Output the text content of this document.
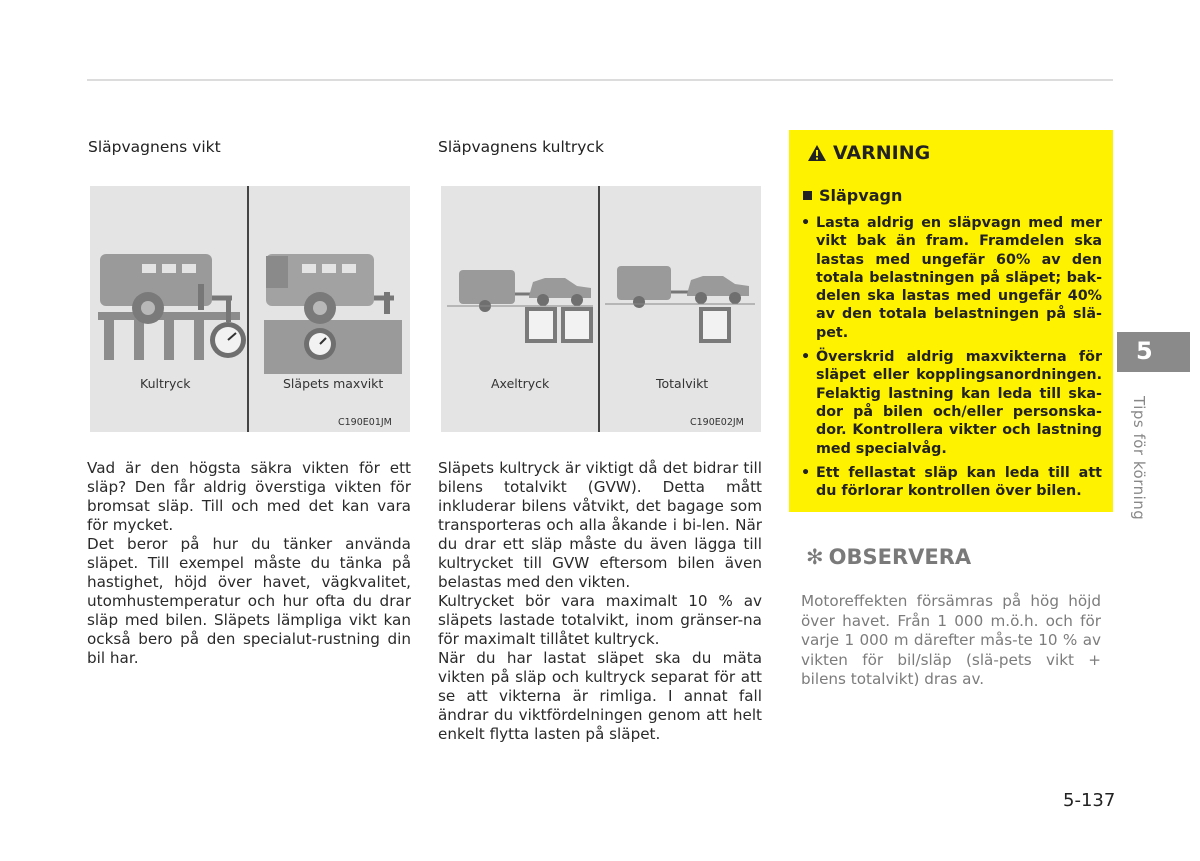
Släpvagnens vikt
Kultryck	Släpets maxvikt
C190E01JM

Vad är den högsta säkra vikten för ett släp? Den får aldrig överstiga vikten för bromsat släp. Till och med det kan vara för mycket.

Det beror på hur du tänker använda släpet. Till exempel måste du tänka på hastighet, höjd över havet, vägkvalitet, utomhustemperatur och hur ofta du drar släp med bilen. Släpets lämpliga vikt kan också bero på den specialut-rustning din bil har.

Släpvagnens kultryck
Axeltryck	Totalvikt
C190E02JM

Släpets kultryck är viktigt då det bidrar till bilens totalvikt (GVW). Detta mått inkluderar bilens våtvikt, det bagage som transporteras och alla åkande i bi-len. När du drar ett släp måste du även lägga till kultrycket till GVW eftersom bilen även belastas med den vikten.

Kultrycket bör vara maximalt 10 % av släpets lastade totalvikt, inom gränser-na för maximalt tillåtet kultryck.

När du har lastat släpet ska du mäta vikten på släp och kultryck separat för att se att vikterna är rimliga. I annat fall ändrar du viktfördelningen genom att helt enkelt flytta lasten på släpet.

VARNING
Släpvagn
• Lasta aldrig en släpvagn med mer vikt bak än fram. Framdelen ska lastas med ungefär 60% av den totala belastningen på släpet; bak-delen ska lastas med ungefär 40% av den totala belastningen på slä-pet.
• Överskrid aldrig maxvikterna för släpet eller kopplingsanordningen. Felaktig lastning kan leda till ska-dor på bilen och/eller personska-dor. Kontrollera vikter och lastning med specialvåg.
• Ett fellastat släp kan leda till att du förlorar kontrollen över bilen.
✻ OBSERVERA
Motoreffekten försämras på hög höjd över havet. Från 1 000 m.ö.h. och för varje 1 000 m därefter mås-te 10 % av vikten för bil/släp (slä-pets vikt + bilens totalvikt) dras av.
5
Tips för körning
5-137
